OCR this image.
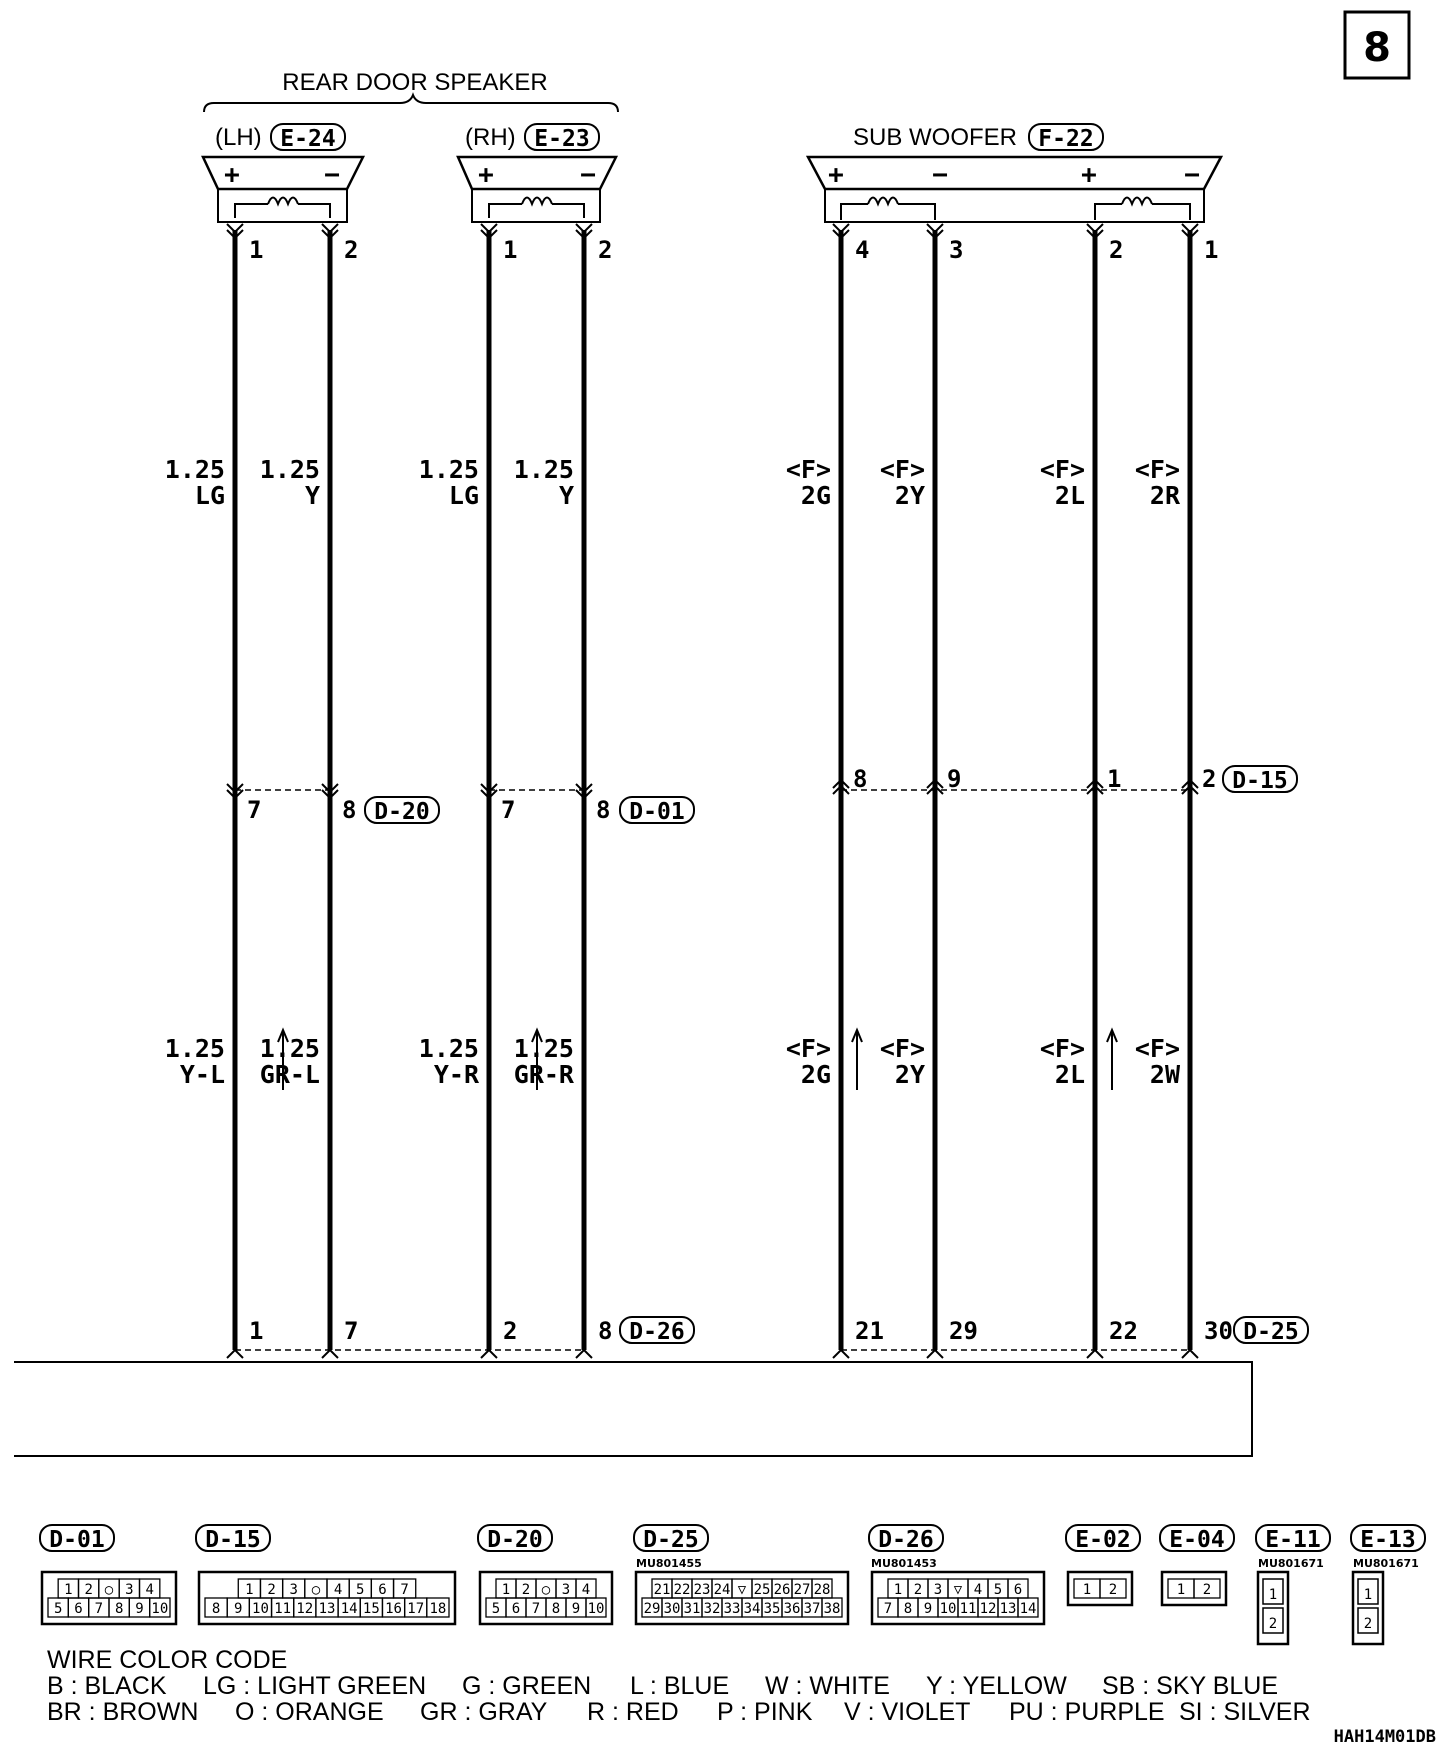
8
REAR DOOR SPEAKER
(LH) E-24	(RH) E-23	SUB WOOFER F-22
+	−	+	−	+	−	+	−
D-20	D-01
D-15
D-26	D-25
1
7
1
1.25
LG
1.25
Y-L
2
8
7
1.25
Y
1.25
GR-L
1
7
2
1.25
LG
1.25
Y-R
2
8
8
1.25
Y
1.25
GR-R
4
8
21
<F>
2G
<F>
2G
3
9
29
<F>
2Y
<F>
2Y
2
1
22
<F>
2L
<F>
2L
1
2
30
<F>
2R
<F>
2W
D-01
1 2 ○ 3 4
5 6 7 8 9 10
D-15
1 2 3 ○ 4 5 6 7
8 9 10 11 12 13 14 15 16 17 18
D-20
1 2 ○ 3 4
5 6 7 8 9 10
D-25
MU801455
21 22 23 24 ▽ 25 26 27 28
29 30 31 32 33 34 35 36 37 38
D-26
MU801453
1 2 3 ▽ 4 5 6
7 8 9 10 11 12 13 14
E-02
1 2
E-04
1 2
E-11
MU801671
1
2
E-13
MU801671
1
2
WIRE COLOR CODE
B : BLACK LG : LIGHT GREEN G : GREEN L : BLUE W : WHITE Y : YELLOW SB : SKY BLUE
BR : BROWN O : ORANGE GR : GRAY R : RED P : PINK V : VIOLET PU : PURPLE SI : SILVER
HAH14M01DB
